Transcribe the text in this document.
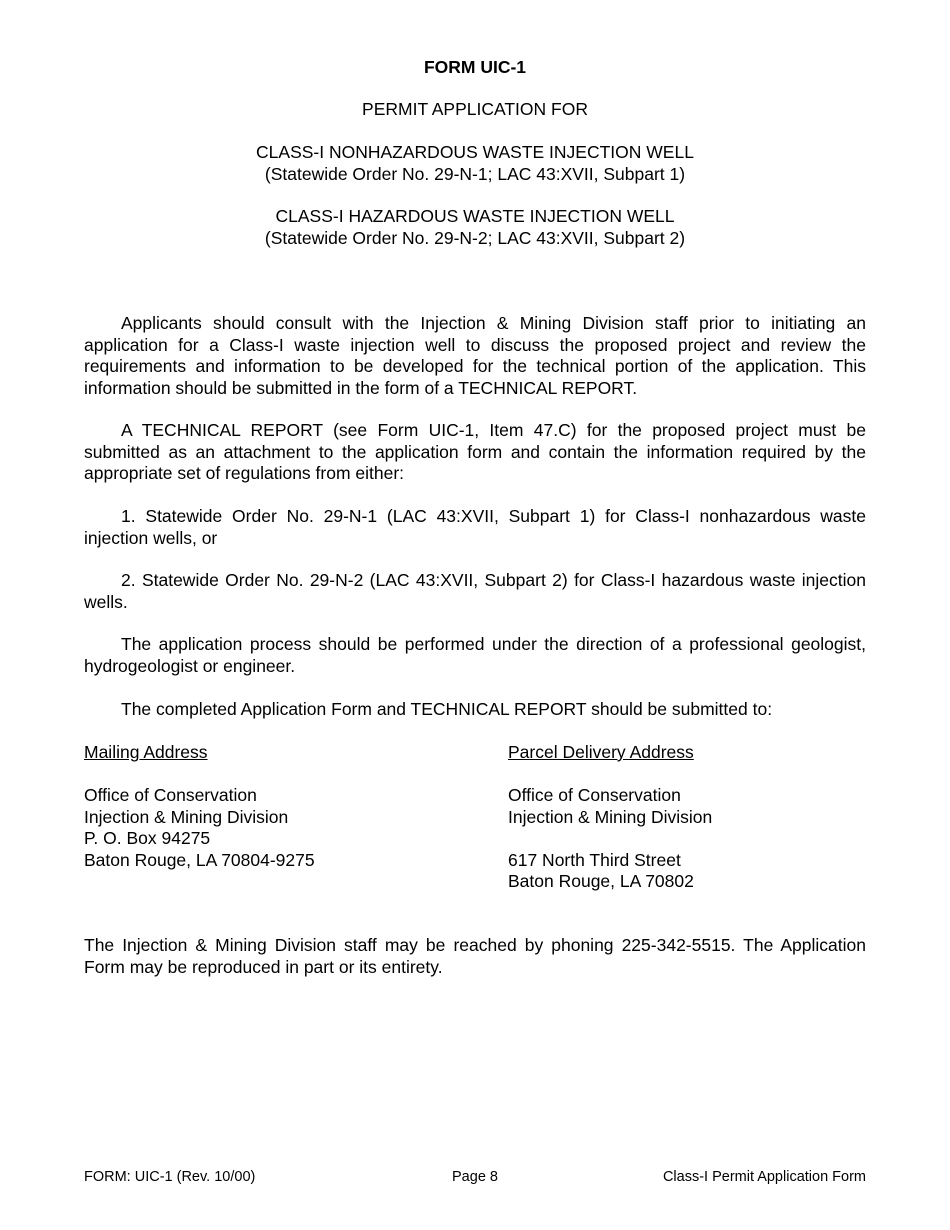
FORM UIC-1
PERMIT APPLICATION FOR
CLASS-I NONHAZARDOUS WASTE INJECTION WELL
(Statewide Order No. 29-N-1; LAC 43:XVII, Subpart 1)
CLASS-I HAZARDOUS WASTE INJECTION WELL
(Statewide Order No. 29-N-2; LAC 43:XVII, Subpart 2)

Applicants should consult with the Injection & Mining Division staff prior to initiating an application for a Class-I waste injection well to discuss the proposed project and review the requirements and information to be developed for the technical portion of the application. This information should be submitted in the form of a TECHNICAL REPORT.

A TECHNICAL REPORT (see Form UIC-1, Item 47.C) for the proposed project must be submitted as an attachment to the application form and contain the information required by the appropriate set of regulations from either:

1. Statewide Order No. 29-N-1 (LAC 43:XVII, Subpart 1) for Class-I nonhazardous waste injection wells, or

2. Statewide Order No. 29-N-2 (LAC 43:XVII, Subpart 2) for Class-I hazardous waste injection wells.

The application process should be performed under the direction of a professional geologist, hydrogeologist or engineer.

The completed Application Form and TECHNICAL REPORT should be submitted to:

Mailing Address
Office of Conservation
Injection & Mining Division
P. O. Box 94275
Baton Rouge, LA 70804-9275
Parcel Delivery Address
Office of Conservation
Injection & Mining Division
617 North Third Street
Baton Rouge, LA 70802

The Injection & Mining Division staff may be reached by phoning 225-342-5515. The Application Form may be reproduced in part or its entirety.

FORM: UIC-1 (Rev. 10/00)	Page 8	Class-I Permit Application Form
